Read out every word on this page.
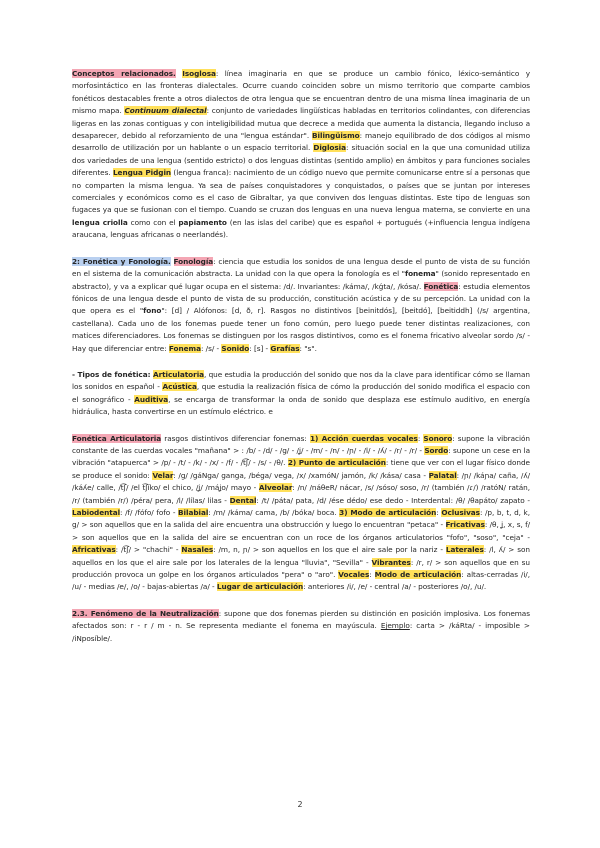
Conceptos relacionados. Isoglosa: línea imaginaria en que se produce un cambio fónico, léxico-semántico y morfosintáctico en las fronteras dialectales. Ocurre cuando coinciden sobre un mismo territorio que comparte cambios fonéticos destacables frente a otros dialectos de otra lengua que se encuentran dentro de una misma línea imaginaria de un mismo mapa. Continuum dialectal: conjunto de variedades lingüísticas habladas en territorios colindantes, con diferencias ligeras en las zonas contiguas y con inteligibilidad mutua que decrece a medida que aumenta la distancia, llegando incluso a desaparecer, debido al reforzamiento de una "lengua estándar". Bilingüismo: manejo equilibrado de dos códigos al mismo desarrollo de utilización por un hablante o un espacio territorial. Diglosia: situación social en la que una comunidad utiliza dos variedades de una lengua (sentido estricto) o dos lenguas distintas (sentido amplio) en ámbitos y para funciones sociales diferentes. Lengua Pidgin (lengua franca): nacimiento de un código nuevo que permite comunicarse entre sí a personas que no comparten la misma lengua. Ya sea de países conquistadores y conquistados, o países que se juntan por intereses comerciales y económicos como es el caso de Gibraltar, ya que conviven dos lenguas distintas. Este tipo de lenguas son fugaces ya que se fusionan con el tiempo. Cuando se cruzan dos lenguas en una nueva lengua materna, se convierte en una lengua criolla como con el papiamento (en las islas del caribe) que es español + portugués (+influencia lengua indígena araucana, lenguas africanas o neerlandés).

2: Fonética y Fonología. Fonología: ciencia que estudia los sonidos de una lengua desde el punto de vista de su función en el sistema de la comunicación abstracta. La unidad con la que opera la fonología es el "fonema" (sonido representado en abstracto), y va a explicar qué lugar ocupa en el sistema: /d/. Invariantes: /kámа/, /kǵta/, /kósa/. Fonética: estudia elementos fónicos de una lengua desde el punto de vista de su producción, constitución acústica y de su percepción. La unidad con la que opera es el "fono": [d] / Alófonos: [d, ð, r]. Rasgos no distintivos [beinitdós], [beitdó], [beitiddh] (/s/ argentina, castellana). Cada uno de los fonemas puede tener un fono común, pero luego puede tener distintas realizaciones, con matices diferenciadores. Los fonemas se distinguen por los rasgos distintivos, como es el fonema fricativo alveolar sordo /s/ - Hay que diferenciar entre: Fonema: /s/ - Sonido: [s] - Grafías: "s".

- Tipos de fonética: Articulatoria, que estudia la producción del sonido que nos da la clave para identificar cómo se llaman los sonidos en español - Acústica, que estudia la realización física de cómo la producción del sonido modifica el espacio con el sonográfico - Auditiva, se encarga de transformar la onda de sonido que desplaza ese estímulo auditivo, en energía hidráulica, hasta convertirse en un estímulo eléctrico. e

Fonética Articulatoria rasgos distintivos diferenciar fonemas: 1) Acción cuerdas vocales: Sonoro: supone la vibración constante de las cuerdas vocales "mañana" > : /b/ - /d/ - /g/ - /ʝ/ - /m/ - /n/ - /ɲ/ - /l/ - /ʎ/ - /r/ - /r/ - Sordo: supone un cese en la vibración "atapuerca" > /p/ - /t/ - /k/ - /x/ - /f/ - /t͡ʃ/ - /s/ - /θ/. 2) Punto de articulación: tiene que ver con el lugar físico donde se produce el sonido: Velar: /g/ /gáNga/ ganga, /béga/ vega, /x/ /xamóN/ jamón, /k/ /kása/ casa - Palatal: /ɲ/ /káɲa/ caña, /ʎ/ /káʎe/ calle, /t͡ʃ/ /el t͡ʃíko/ el chico, /ʝ/ /máʝo/ mayo - Alveolar: /n/ /náθeR/ nácar, /s/ /sóso/ soso, /r/ (también /ɾ/) /ratóN/ ratán, /r/ (también /r/) /péra/ pera, /l/ /lílas/ lilas - Dental: /t/ /páta/ pata, /d/ /ése dédo/ ese dedo - Interdental: /θ/ /θapáto/ zapato - Labiodental: /f/ /fófo/ fofo - Bilabial: /m/ /káma/ cama, /b/ /bóka/ boca. 3) Modo de articulación: Oclusivas: /p, b, t, d, k, g/ > son aquellos que en la salida del aire encuentra una obstrucción y luego lo encuentran "petaca" - Fricativas: /θ, ʝ, x, s, f/ > son aquellos que en la salida del aire se encuentran con un roce de los órganos articulatorios "fofo", "soso", "ceja" - Africativas: /t͡ʃ/ > "chachi" - Nasales: /m, n, ɲ/ > son aquellos en los que el aire sale por la nariz - Laterales: /l, ʎ/ > son aquellos en los que el aire sale por los laterales de la lengua "lluvia", "Sevilla" - Vibrantes: /r, r/ > son aquellos que en su producción provoca un golpe en los órganos articulados "pera" o "aro". Vocales: Modo de articulación: altas-cerradas /i/, /u/ - medias /e/, /o/ - bajas-abiertas /a/ - Lugar de articulación: anteriores /i/, /e/ - central /a/ - posteriores /o/, /u/.

2.3. Fenómeno de la Neutralización: supone que dos fonemas pierden su distinción en posición implosiva. Los fonemas afectados son: r - r / m - n. Se representa mediante el fonema en mayúscula. Ejemplo: carta > /káRta/ - imposible > /iNposíble/.

2
